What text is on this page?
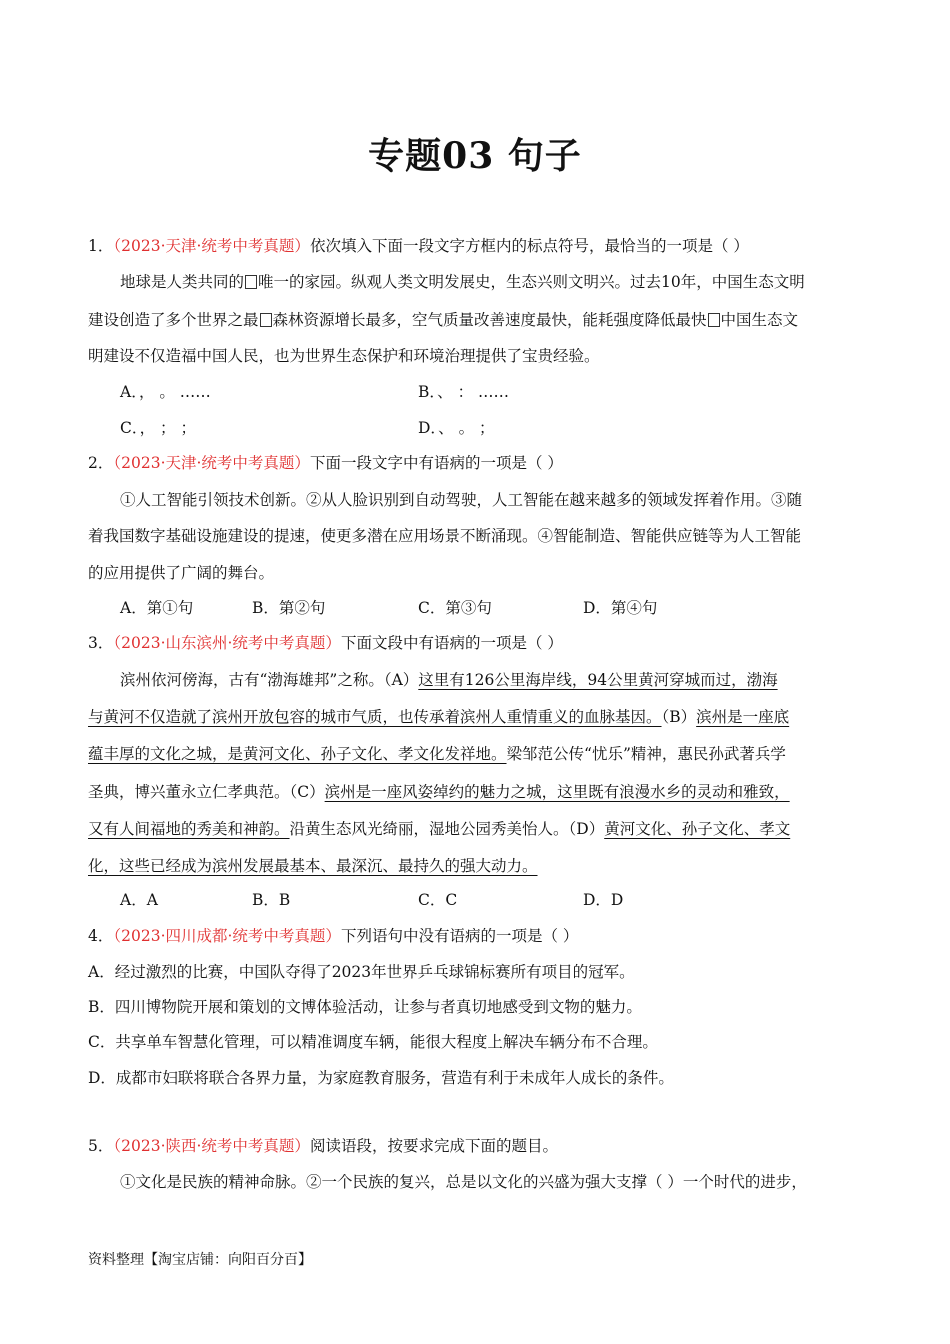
专题03 句子
1．（2023·天津·统考中考真题）依次填入下面一段文字方框内的标点符号，最恰当的一项是（ ）
地球是人类共同的 唯一的家园。纵观人类文明发展史，生态兴则文明兴。过去10年，中国生态文明
建设创造了多个世界之最 森林资源增长最多，空气质量改善速度最快，能耗强度降低最快 中国生态文
明建设不仅造福中国人民，也为世界生态保护和环境治理提供了宝贵经验。
A．， 。 ……	B．、 ： ……
C．， ； ；	D．、 。 ；
2．（2023·天津·统考中考真题）下面一段文字中有语病的一项是（ ）
①人工智能引领技术创新。②从人脸识别到自动驾驶，人工智能在越来越多的领域发挥着作用。③随
着我国数字基础设施建设的提速，使更多潜在应用场景不断涌现。④智能制造、智能供应链等为人工智能
的应用提供了广阔的舞台。
A．第①句	B．第②句	C．第③句	D．第④句
3．（2023·山东滨州·统考中考真题）下面文段中有语病的一项是（ ）
滨州依河傍海，古有“渤海雄邦”之称。（A）这里有126公里海岸线，94公里黄河穿城而过，渤海
与黄河不仅造就了滨州开放包容的城市气质，也传承着滨州人重情重义的血脉基因。（B）滨州是一座底
蕴丰厚的文化之城，是黄河文化、孙子文化、孝文化发祥地。梁邹范公传“忧乐”精神，惠民孙武著兵学
圣典，博兴董永立仁孝典范。（C）滨州是一座风姿绰约的魅力之城，这里既有浪漫水乡的灵动和雅致，
又有人间福地的秀美和神韵。沿黄生态风光绮丽，湿地公园秀美怡人。（D）黄河文化、孙子文化、孝文
化，这些已经成为滨州发展最基本、最深沉、最持久的强大动力。
A．A	B．B	C．C	D．D
4．（2023·四川成都·统考中考真题）下列语句中没有语病的一项是（ ）
A．经过激烈的比赛，中国队夺得了2023年世界乒乓球锦标赛所有项目的冠军。
B．四川博物院开展和策划的文博体验活动，让参与者真切地感受到文物的魅力。
C．共享单车智慧化管理，可以精准调度车辆，能很大程度上解决车辆分布不合理。
D．成都市妇联将联合各界力量，为家庭教育服务，营造有利于未成年人成长的条件。
5．（2023·陕西·统考中考真题）阅读语段，按要求完成下面的题目。
①文化是民族的精神命脉。②一个民族的复兴，总是以文化的兴盛为强大支撑（ ）一个时代的进步，
资料整理【淘宝店铺：向阳百分百】
